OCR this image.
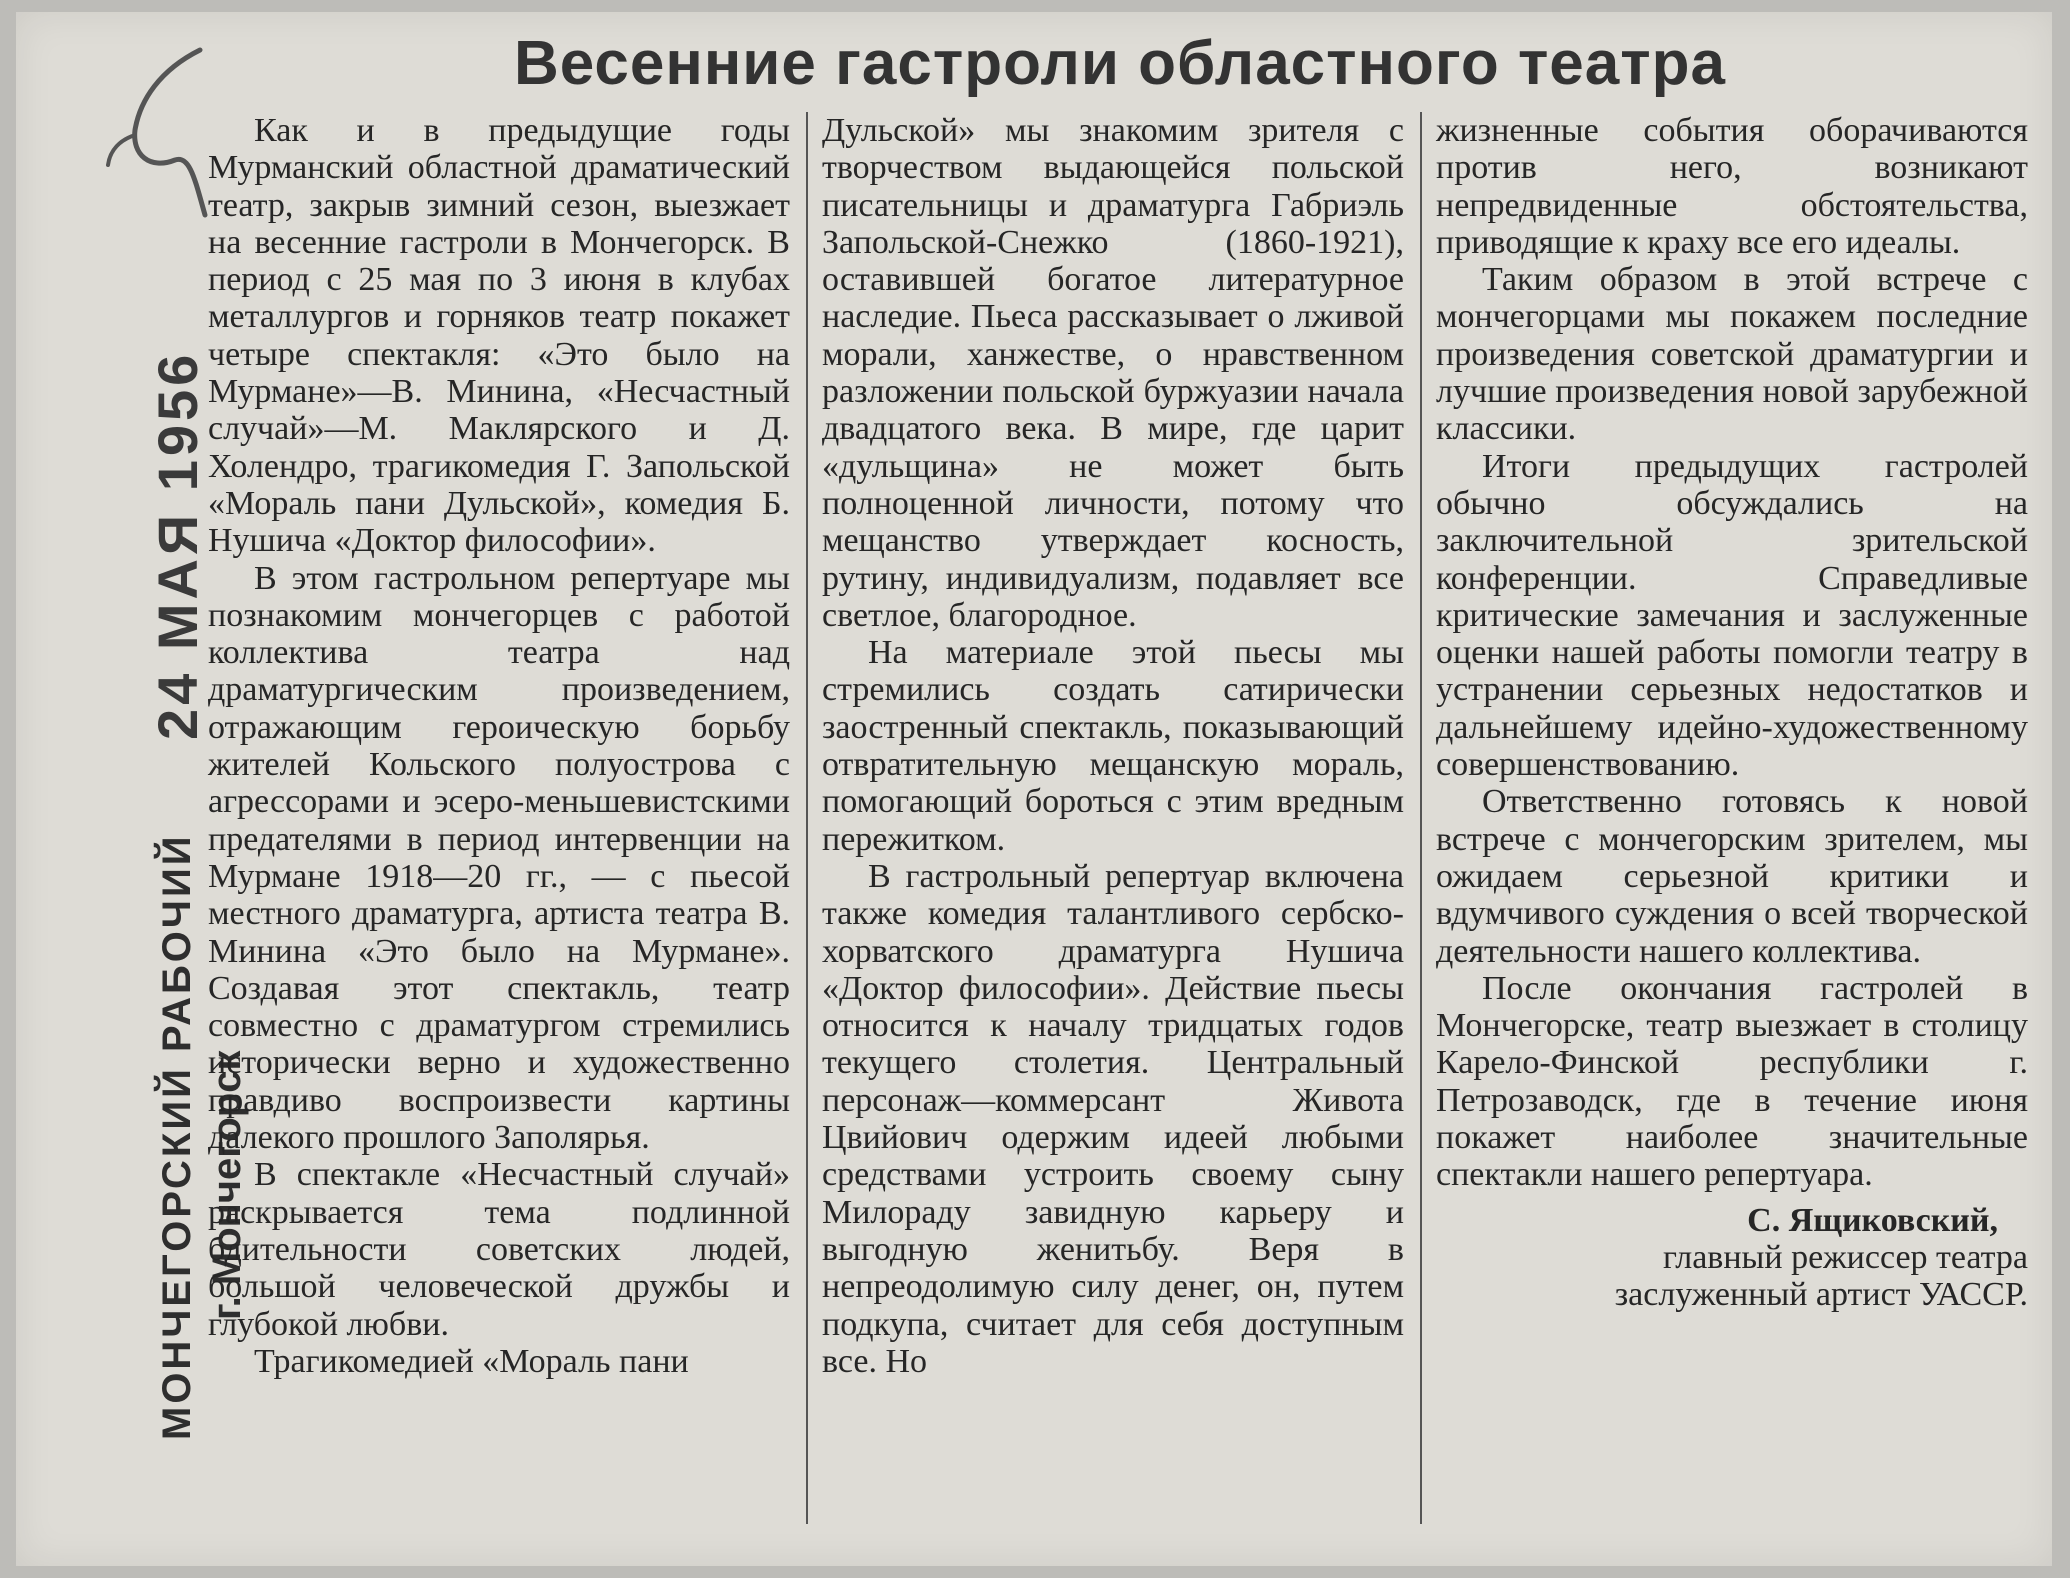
Весенние гастроли областного театра
МОНЧЕГОРСКИЙ РАБОЧИЙ г. Мончегорск
24 МАЯ 1956

Как и в предыдущие годы Мурманский областной драматический театр, закрыв зимний сезон, выезжает на весенние гастроли в Мончегорск. В период с 25 мая по 3 июня в клубах металлургов и горняков театр покажет четыре спектакля: «Это было на Мурмане»—В. Минина, «Несчастный случай»—М. Маклярского и Д. Холендро, трагикомедия Г. Запольской «Мораль пани Дульской», комедия Б. Нушича «Доктор философии».

В этом гастрольном репертуаре мы познакомим мончегорцев с работой коллектива театра над драматургическим произведением, отражающим героическую борьбу жителей Кольского полуострова с агрессорами и эсеро-меньшевистскими предателями в период интервенции на Мурмане 1918—20 гг., — с пьесой местного драматурга, артиста театра В. Минина «Это было на Мурмане». Создавая этот спектакль, театр совместно с драматургом стремились исторически верно и художественно правдиво воспроизвести картины далекого прошлого Заполярья.

В спектакле «Несчастный случай» раскрывается тема подлинной бдительности советских людей, большой человеческой дружбы и глубокой любви.

Трагикомедией «Мораль пани

Дульской» мы знакомим зрителя с творчеством выдающейся польской писательницы и драматурга Габриэль Запольской-Снежко (1860-1921), оставившей богатое литературное наследие. Пьеса рассказывает о лживой морали, ханжестве, о нравственном разложении польской буржуазии начала двадцатого века. В мире, где царит «дульщина» не может быть полноценной личности, потому что мещанство утверждает косность, рутину, индивидуализм, подавляет все светлое, благородное.

На материале этой пьесы мы стремились создать сатирически заостренный спектакль, показывающий отвратительную мещанскую мораль, помогающий бороться с этим вредным пережитком.

В гастрольный репертуар включена также комедия талантливого сербско-хорватского драматурга Нушича «Доктор философии». Действие пьесы относится к началу тридцатых годов текущего столетия. Центральный персонаж—коммерсант Живота Цвийович одержим идеей любыми средствами устроить своему сыну Милораду завидную карьеру и выгодную женитьбу. Веря в непреодолимую силу денег, он, путем подкупа, считает для себя доступным все. Но

жизненные события оборачиваются против него, возникают непредвиденные обстоятельства, приводящие к краху все его идеалы.

Таким образом в этой встрече с мончегорцами мы покажем последние произведения советской драматургии и лучшие произведения новой зарубежной классики.

Итоги предыдущих гастролей обычно обсуждались на заключительной зрительской конференции. Справедливые критические замечания и заслуженные оценки нашей работы помогли театру в устранении серьезных недостатков и дальнейшему идейно-художественному совершенствованию.

Ответственно готовясь к новой встрече с мончегорским зрителем, мы ожидаем серьезной критики и вдумчивого суждения о всей творческой деятельности нашего коллектива.

После окончания гастролей в Мончегорске, театр выезжает в столицу Карело-Финской республики г. Петрозаводск, где в течение июня покажет наиболее значительные спектакли нашего репертуара.

С. Ящиковский,
главный режиссер театра
заслуженный артист УАССР.
